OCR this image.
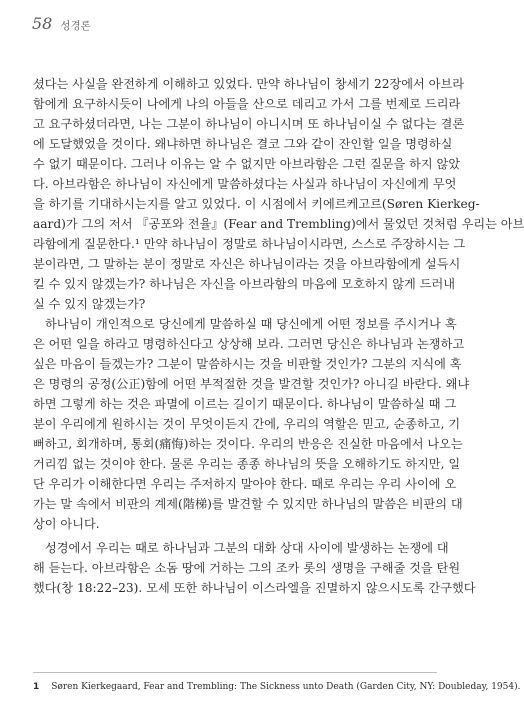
58 성경론
셨다는 사실을 완전하게 이해하고 있었다. 만약 하나님이 창세기 22장에서 아브라
함에게 요구하시듯이 나에게 나의 아들을 산으로 데리고 가서 그를 번제로 드리라
고 요구하셨더라면, 나는 그분이 하나님이 아니시며 또 하나님이실 수 없다는 결론
에 도달했었을 것이다. 왜냐하면 하나님은 결코 그와 같이 잔인할 일을 명령하실
수 없기 때문이다. 그러나 이유는 알 수 없지만 아브라함은 그런 질문을 하지 않았
다. 아브라함은 하나님이 자신에게 말씀하셨다는 사실과 하나님이 자신에게 무엇
을 하기를 기대하시는지를 알고 있었다. 이 시점에서 키에르케고르(Søren Kierkeg-
aard)가 그의 저서 『공포와 전율』(Fear and Trembling)에서 물었던 것처럼 우리는 아브
라함에게 질문한다.¹ 만약 하나님이 정말로 하나님이시라면, 스스로 주장하시는 그
분이라면, 그 말하는 분이 정말로 자신은 하나님이라는 것을 아브라함에게 설득시
킬 수 있지 않겠는가? 하나님은 자신을 아브라함의 마음에 모호하지 않게 드러내
실 수 있지 않겠는가?
하나님이 개인적으로 당신에게 말씀하실 때 당신에게 어떤 정보를 주시거나 혹
은 어떤 일을 하라고 명령하신다고 상상해 보라. 그러면 당신은 하나님과 논쟁하고
싶은 마음이 들겠는가? 그분이 말씀하시는 것을 비판할 것인가? 그분의 지식에 혹
은 명령의 공정(公正)함에 어떤 부적절한 것을 발견할 것인가? 아니길 바란다. 왜냐
하면 그렇게 하는 것은 파멸에 이르는 길이기 때문이다. 하나님이 말씀하실 때 그
분이 우리에게 원하시는 것이 무엇이든지 간에, 우리의 역할은 믿고, 순종하고, 기
뻐하고, 회개하며, 통회(痛悔)하는 것이다. 우리의 반응은 진실한 마음에서 나오는
거리낌 없는 것이야 한다. 물론 우리는 종종 하나님의 뜻을 오해하기도 하지만, 일
단 우리가 이해한다면 우리는 주저하지 말아야 한다. 때로 우리는 우리 사이에 오
가는 말 속에서 비판의 계제(階梯)를 발견할 수 있지만 하나님의 말씀은 비판의 대
상이 아니다.
성경에서 우리는 때로 하나님과 그분의 대화 상대 사이에 발생하는 논쟁에 대
해 듣는다. 아브라함은 소돔 땅에 거하는 그의 조카 롯의 생명을 구해줄 것을 탄원
했다(창 18:22–23). 모세 또한 하나님이 이스라엘을 진멸하지 않으시도록 간구했다
1 Søren Kierkegaard, Fear and Trembling: The Sickness unto Death (Garden City, NY: Doubleday, 1954).
